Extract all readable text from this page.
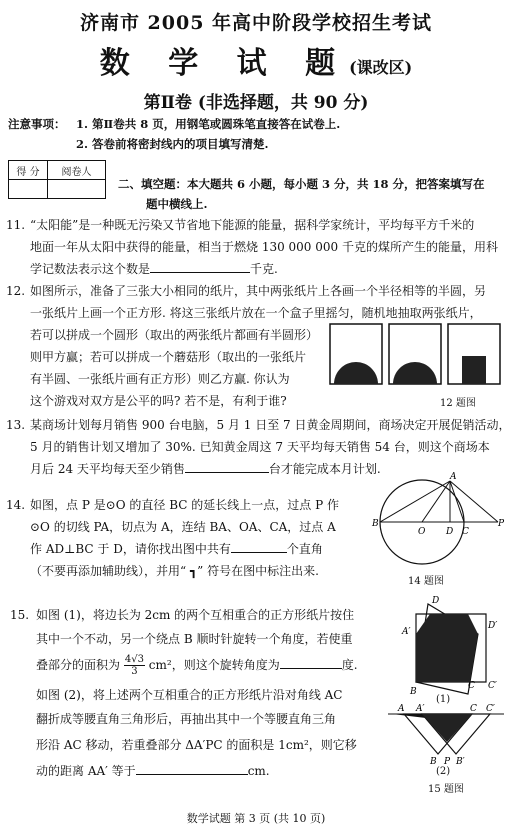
济南市 2005 年高中阶段学校招生考试
数 学 试 题(课改区)
第Ⅱ卷 (非选择题，共 90 分)
注意事项： 1. 第Ⅱ卷共 8 页，用钢笔或圆珠笔直接答在试卷上.
2. 答卷前将密封线内的项目填写清楚.
得 分	阅卷人

二、填空题：本大题共 6 小题，每小题 3 分，共 18 分，把答案填写在
题中横线上.
11. “太阳能”是一种既无污染又节省地下能源的能量，据科学家统计，平均每平方千米的
地面一年从太阳中获得的能量，相当于燃烧 130 000 000 千克的煤所产生的能量，用科
学记数法表示这个数是	千克.
12. 如图所示，准备了三张大小相同的纸片，其中两张纸片上各画一个半径相等的半圆，另
一张纸片上画一个正方形. 将这三张纸片放在一个盒子里摇匀，随机地抽取两张纸片，
若可以拼成一个圆形（取出的两张纸片都画有半圆形）
则甲方赢；若可以拼成一个蘑菇形（取出的一张纸片
有半圆、一张纸片画有正方形）则乙方赢. 你认为
这个游戏对双方是公平的吗? 若不是，有利于谁?	12 题图
13. 某商场计划每月销售 900 台电脑，5 月 1 日至 7 日黄金周期间，商场决定开展促销活动，
5 月的销售计划又增加了 30%. 已知黄金周这 7 天平均每天销售 54 台，则这个商场本
月后 24 天平均每天至少销售	台才能完成本月计划.
14. 如图，点 P 是⊙O 的直径 BC 的延长线上一点，过点 P 作
⊙O 的切线 PA，切点为 A，连结 BA、OA、CA，过点 A
作 AD⊥BC 于 D，请你找出图中共有	个直角
（不要再添加辅助线），并用“ ┓” 符号在图中标注出来.
A
B
O D C
P
14 题图
15. 如图 (1)，将边长为 2cm 的两个互相重合的正方形纸片按住
其中一个不动，另一个绕点 B 顺时针旋转一个角度，若使重
叠部分的面积为 $\frac{4√3}{3} cm^2$，则这个旋转角度为	度.
如图 (2)，将上述两个互相重合的正方形纸片沿对角线 AC
翻折成等腰直角三角形后，再抽出其中一个等腰直角三角
形沿 AC 移动，若重叠部分 ΔA′PC 的面积是 1cm²，则它移
动的距离 AA′ 等于	cm.
D
A′
D′
B
C C′
(1)
A A′	C C′
B P B′
(2)
15 题图
数学试题 第 3 页 (共 10 页)
